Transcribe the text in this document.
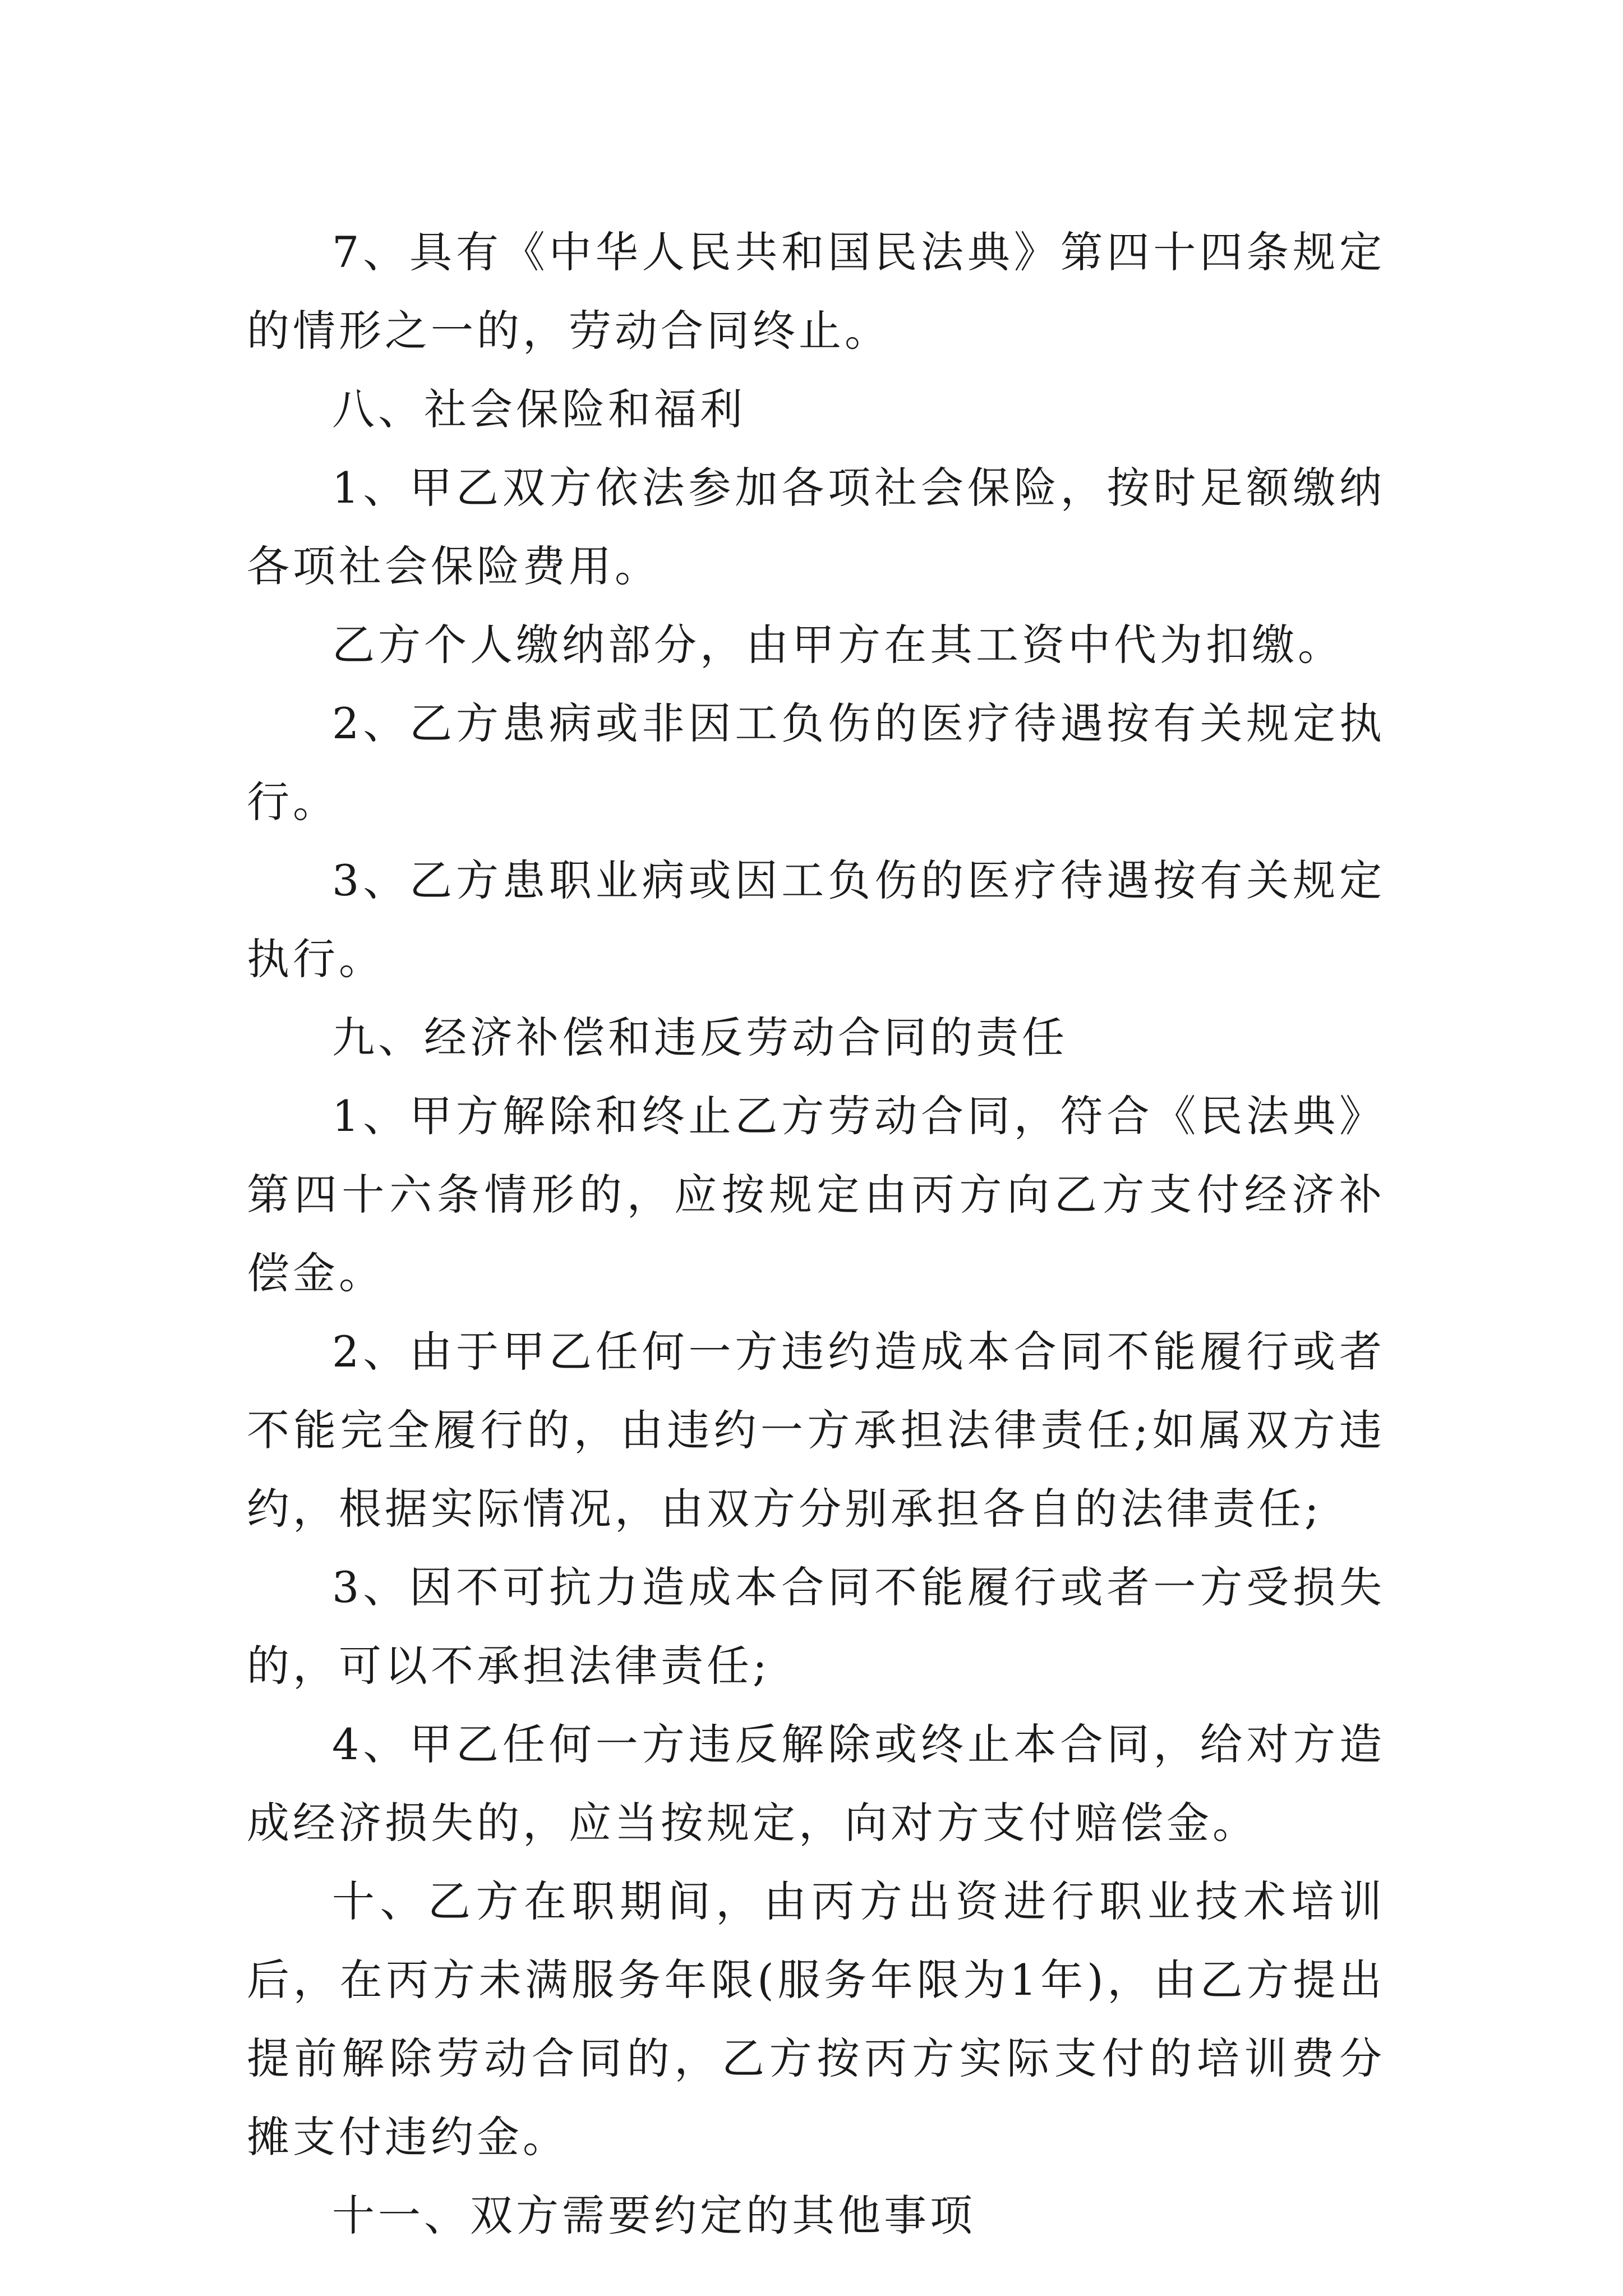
7、具有《中华人民共和国民法典》第四十四条规定的情形之一的，劳动合同终止。

八、社会保险和福利

1、甲乙双方依法参加各项社会保险，按时足额缴纳各项社会保险费用。

乙方个人缴纳部分，由甲方在其工资中代为扣缴。

2、乙方患病或非因工负伤的医疗待遇按有关规定执行。

3、乙方患职业病或因工负伤的医疗待遇按有关规定执行。

九、经济补偿和违反劳动合同的责任

1、甲方解除和终止乙方劳动合同，符合《民法典》第四十六条情形的，应按规定由丙方向乙方支付经济补偿金。

2、由于甲乙任何一方违约造成本合同不能履行或者不能完全履行的，由违约一方承担法律责任;如属双方违约，根据实际情况，由双方分别承担各自的法律责任;

3、因不可抗力造成本合同不能履行或者一方受损失的，可以不承担法律责任;

4、甲乙任何一方违反解除或终止本合同，给对方造成经济损失的，应当按规定，向对方支付赔偿金。

十、乙方在职期间，由丙方出资进行职业技术培训后，在丙方未满服务年限(服务年限为1年)，由乙方提出提前解除劳动合同的，乙方按丙方实际支付的培训费分摊支付违约金。

十一、双方需要约定的其他事项
